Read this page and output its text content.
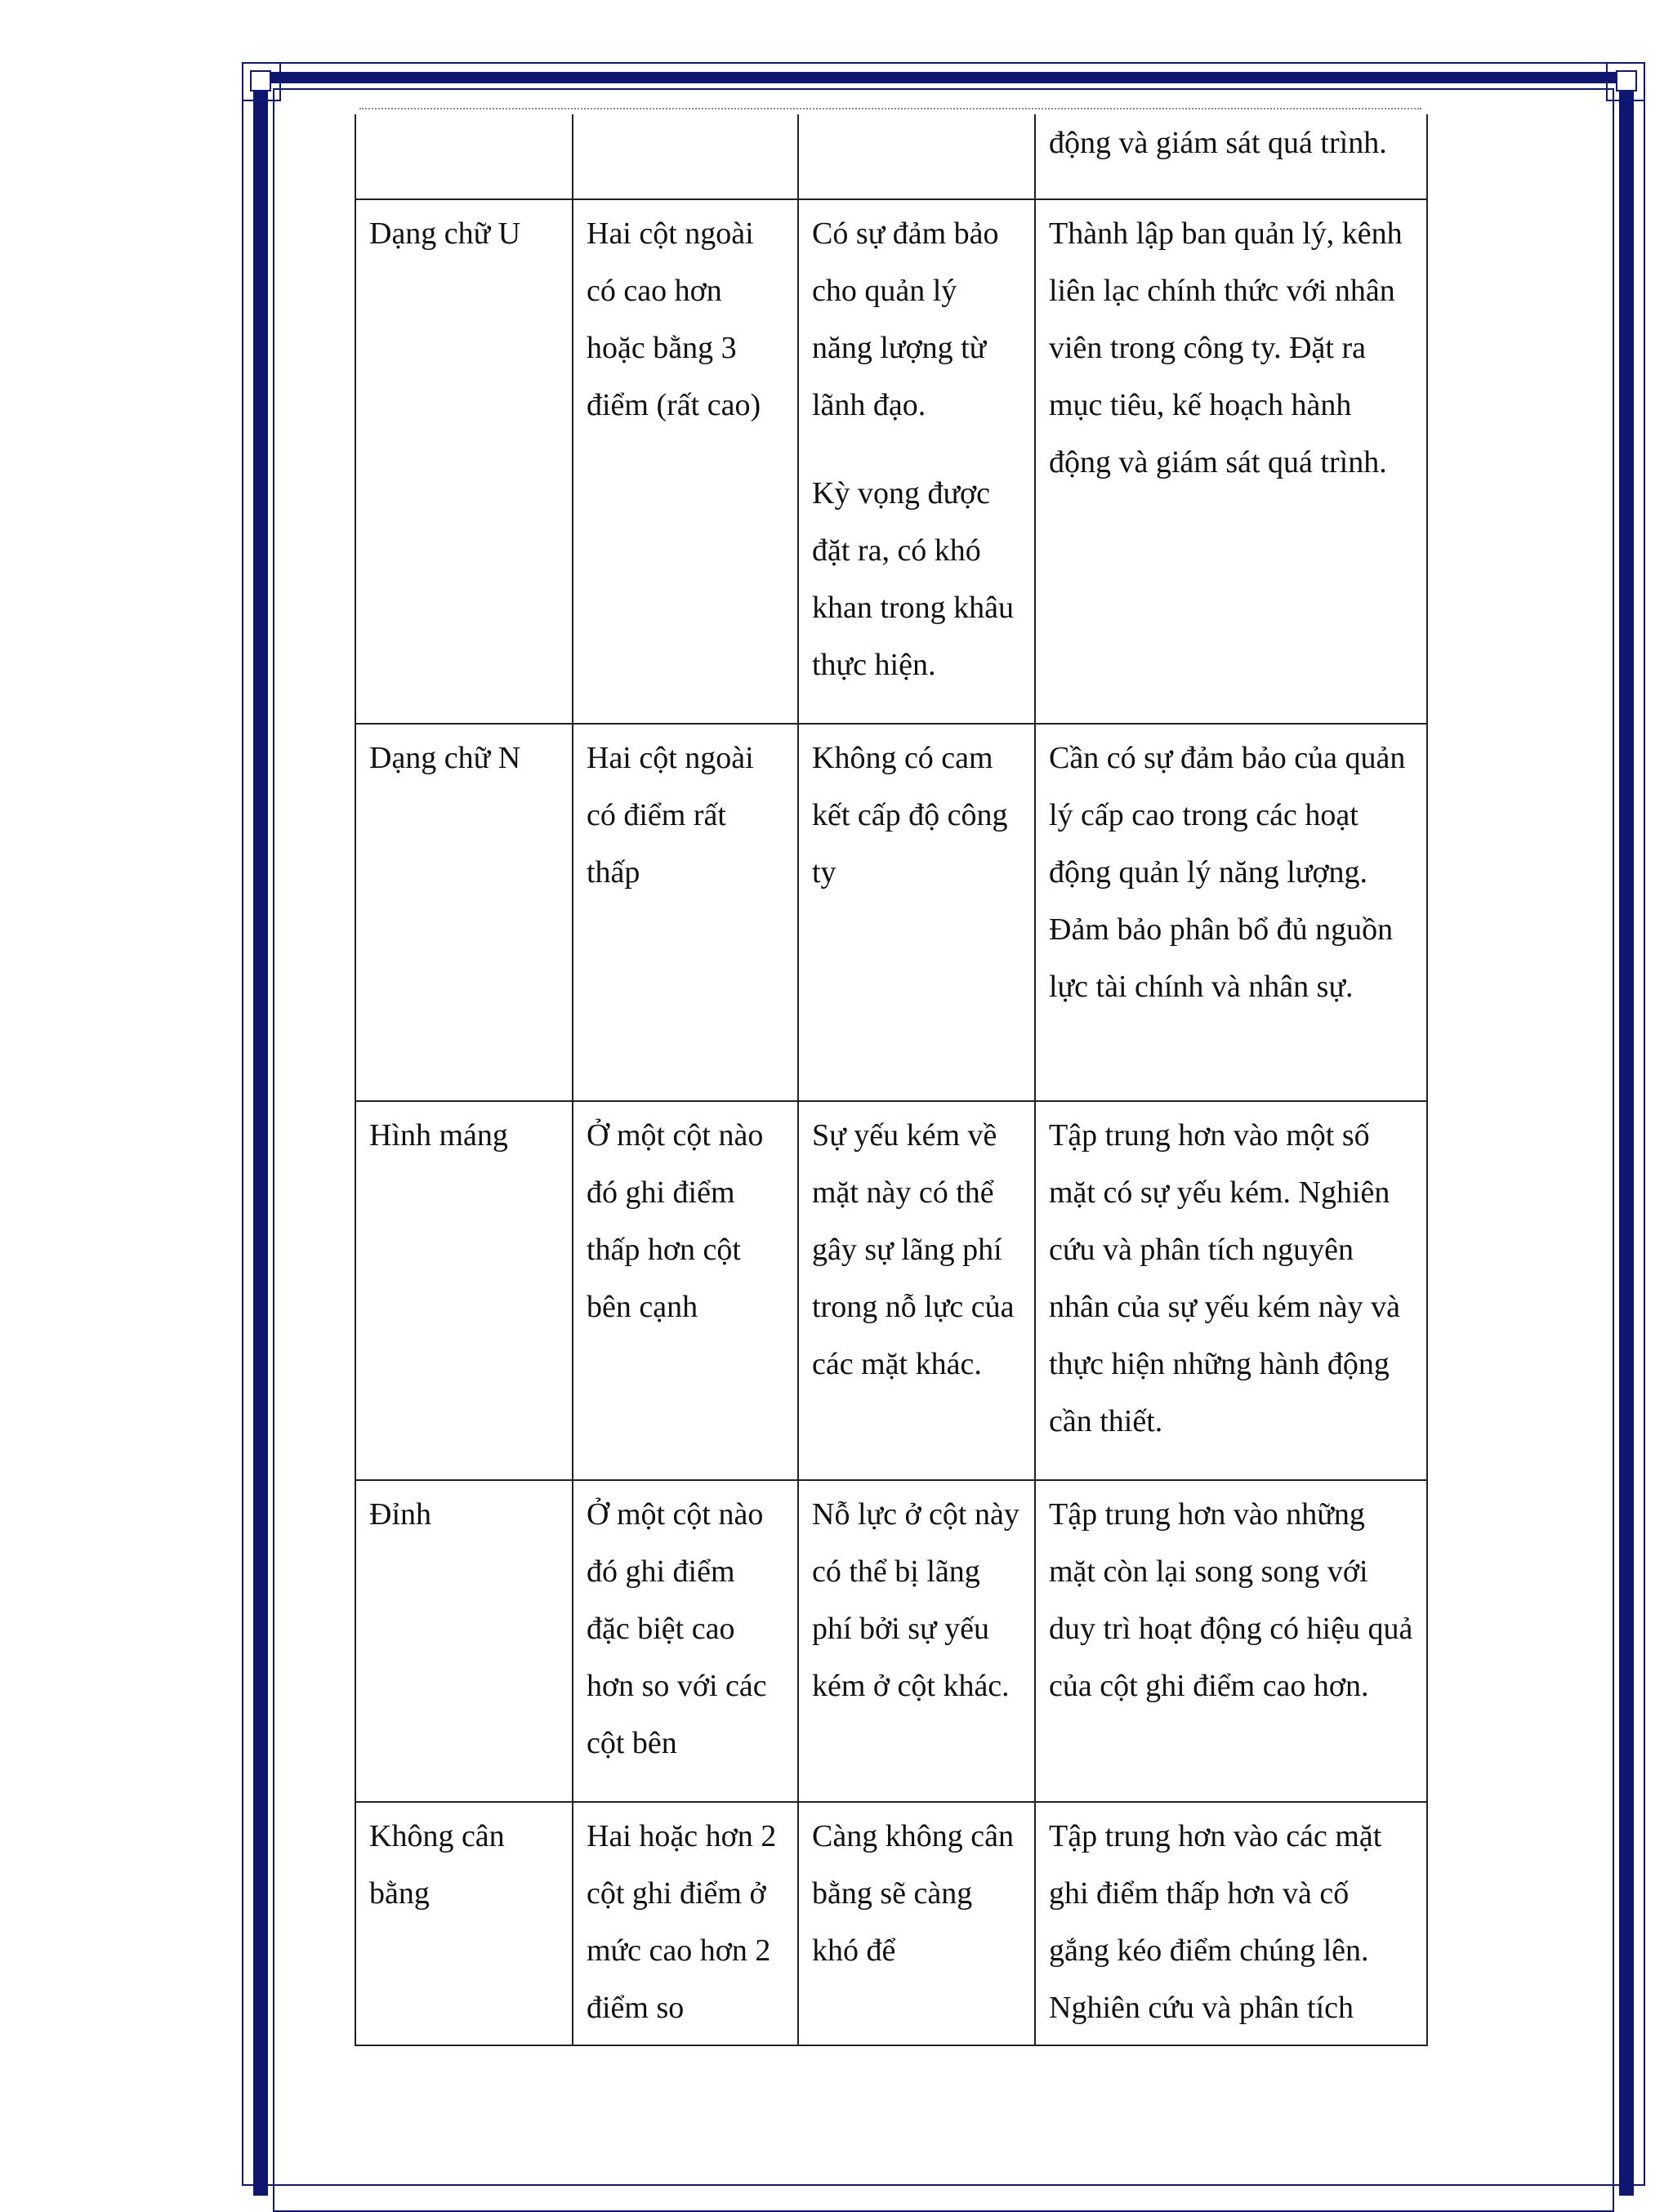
			động và giám sát quá trình.
Dạng chữ U	Hai cột ngoài có cao hơn hoặc bằng 3 điểm (rất cao)	Có sự đảm bảo cho quản lý năng lượng từ lãnh đạo.

Kỳ vọng được đặt ra, có khó khan trong khâu thực hiện.	Thành lập ban quản lý, kênh liên lạc chính thức với nhân viên trong công ty. Đặt ra mục tiêu, kế hoạch hành động và giám sát quá trình.
Dạng chữ N	Hai cột ngoài có điểm rất thấp	Không có cam kết cấp độ công ty	Cần có sự đảm bảo của quản lý cấp cao trong các hoạt động quản lý năng lượng. Đảm bảo phân bổ đủ nguồn lực tài chính và nhân sự.
Hình máng	Ở một cột nào đó ghi điểm thấp hơn cột bên cạnh	Sự yếu kém về mặt này có thể gây sự lãng phí trong nỗ lực của các mặt khác.	Tập trung hơn vào một số mặt có sự yếu kém. Nghiên cứu và phân tích nguyên nhân của sự yếu kém này và thực hiện những hành động cần thiết.
Đỉnh	Ở một cột nào đó ghi điểm đặc biệt cao hơn so với các cột bên	Nỗ lực ở cột này có thể bị lãng phí bởi sự yếu kém ở cột khác.	Tập trung hơn vào những mặt còn lại song song với duy trì hoạt động có hiệu quả của cột ghi điểm cao hơn.
Không cân bằng	Hai hoặc hơn 2 cột ghi điểm ở mức cao hơn 2 điểm so	Càng không cân bằng sẽ càng khó để	Tập trung hơn vào các mặt ghi điểm thấp hơn và cố gắng kéo điểm chúng lên. Nghiên cứu và phân tích
